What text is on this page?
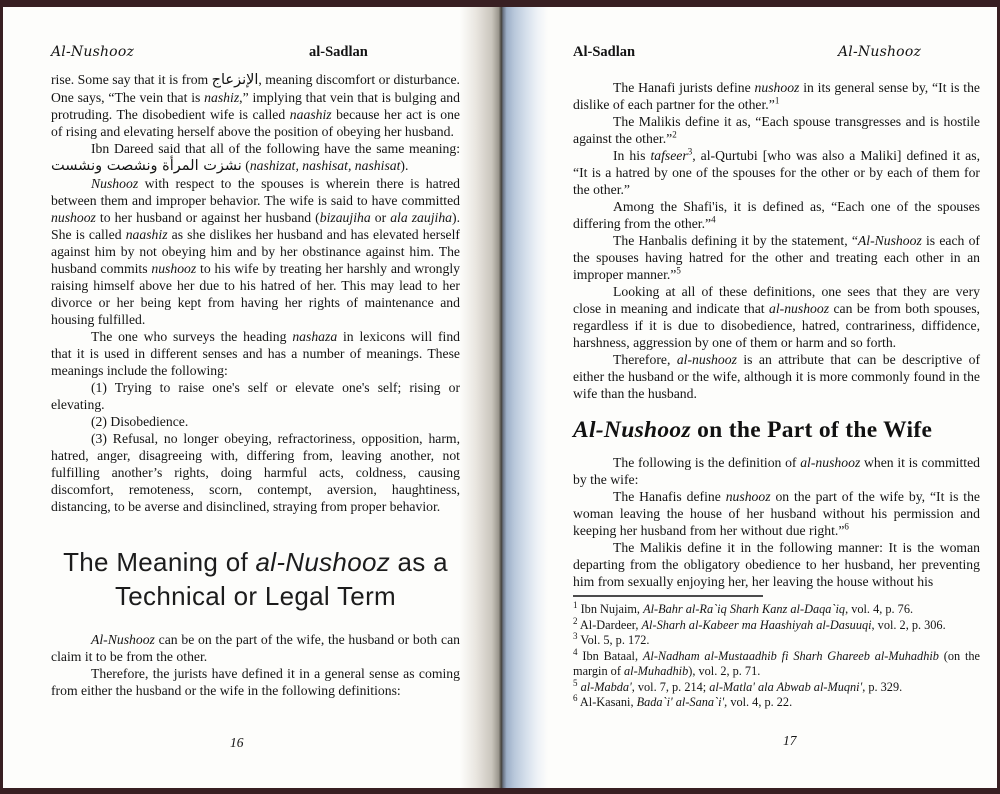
Al-Nushooz	al-Sadlan
rise. Some say that it is from الإنزعاج, meaning discomfort or disturbance. One says, “The vein that is nashiz,” implying that vein that is bulging and protruding. The disobedient wife is called naashiz because her act is one of rising and elevating herself above the position of obeying her husband.
Ibn Dareed said that all of the following have the same meaning: نشزت المرأة ونشصت ونشست (nashizat, nashisat, nashisat).
Nushooz with respect to the spouses is wherein there is hatred between them and improper behavior. The wife is said to have committed nushooz to her husband or against her husband (bizaujiha or ala zaujiha). She is called naashiz as she dislikes her husband and has elevated herself against him by not obeying him and by her obstinance against him. The husband commits nushooz to his wife by treating her harshly and wrongly raising himself above her due to his hatred of her. This may lead to her divorce or her being kept from having her rights of maintenance and housing fulfilled.
The one who surveys the heading nashaza in lexicons will find that it is used in different senses and has a number of meanings. These meanings include the following:
(1) Trying to raise one's self or elevate one's self; rising or elevating.
(2) Disobedience.
(3) Refusal, no longer obeying, refractoriness, opposition, harm, hatred, anger, disagreeing with, differing from, leaving another, not fulfilling another’s rights, doing harmful acts, coldness, causing discomfort, remoteness, scorn, contempt, aversion, haughtiness, distancing, to be averse and disinclined, straying from proper behavior.
The Meaning of al-Nushooz as a
Technical or Legal Term
Al-Nushooz can be on the part of the wife, the husband or both can claim it to be from the other.
Therefore, the jurists have defined it in a general sense as coming from either the husband or the wife in the following definitions:
16
Al-Sadlan	Al-Nushooz
The Hanafi jurists define nushooz in its general sense by, “It is the dislike of each partner for the other.”$^1$
The Malikis define it as, “Each spouse transgresses and is hostile against the other.”$^2$
In his tafseer$^3$, al-Qurtubi [who was also a Maliki] defined it as, “It is a hatred by one of the spouses for the other or by each of them for the other.”
Among the Shafi'is, it is defined as, “Each one of the spouses differing from the other.”$^4$
The Hanbalis defining it by the statement, “Al-Nushooz is each of the spouses having hatred for the other and treating each other in an improper manner.”$^5$
Looking at all of these definitions, one sees that they are very close in meaning and indicate that al-nushooz can be from both spouses, regardless if it is due to disobedience, hatred, contrariness, diffidence, harshness, aggression by one of them or harm and so forth.
Therefore, al-nushooz is an attribute that can be descriptive of either the husband or the wife, although it is more commonly found in the wife than the husband.
Al-Nushooz on the Part of the Wife
The following is the definition of al-nushooz when it is committed by the wife:
The Hanafis define nushooz on the part of the wife by, “It is the woman leaving the house of her husband without his permission and keeping her husband from her without due right.”$^6$
The Malikis define it in the following manner: It is the woman departing from the obligatory obedience to her husband, her preventing him from sexually enjoying her, her leaving the house without his
$^1$ Ibn Nujaim, Al-Bahr al-Ra`iq Sharh Kanz al-Daqa`iq, vol. 4, p. 76.
$^2$ Al-Dardeer, Al-Sharh al-Kabeer ma Haashiyah al-Dasuuqi, vol. 2, p. 306.
$^3$ Vol. 5, p. 172.
$^4$ Ibn Bataal, Al-Nadham al-Mustaadhib fi Sharh Ghareeb al-Muhadhib (on the margin of al-Muhadhib), vol. 2, p. 71.
$^5$ al-Mabda', vol. 7, p. 214; al-Matla' ala Abwab al-Muqni', p. 329.
$^6$ Al-Kasani, Bada`i' al-Sana`i', vol. 4, p. 22.
17
